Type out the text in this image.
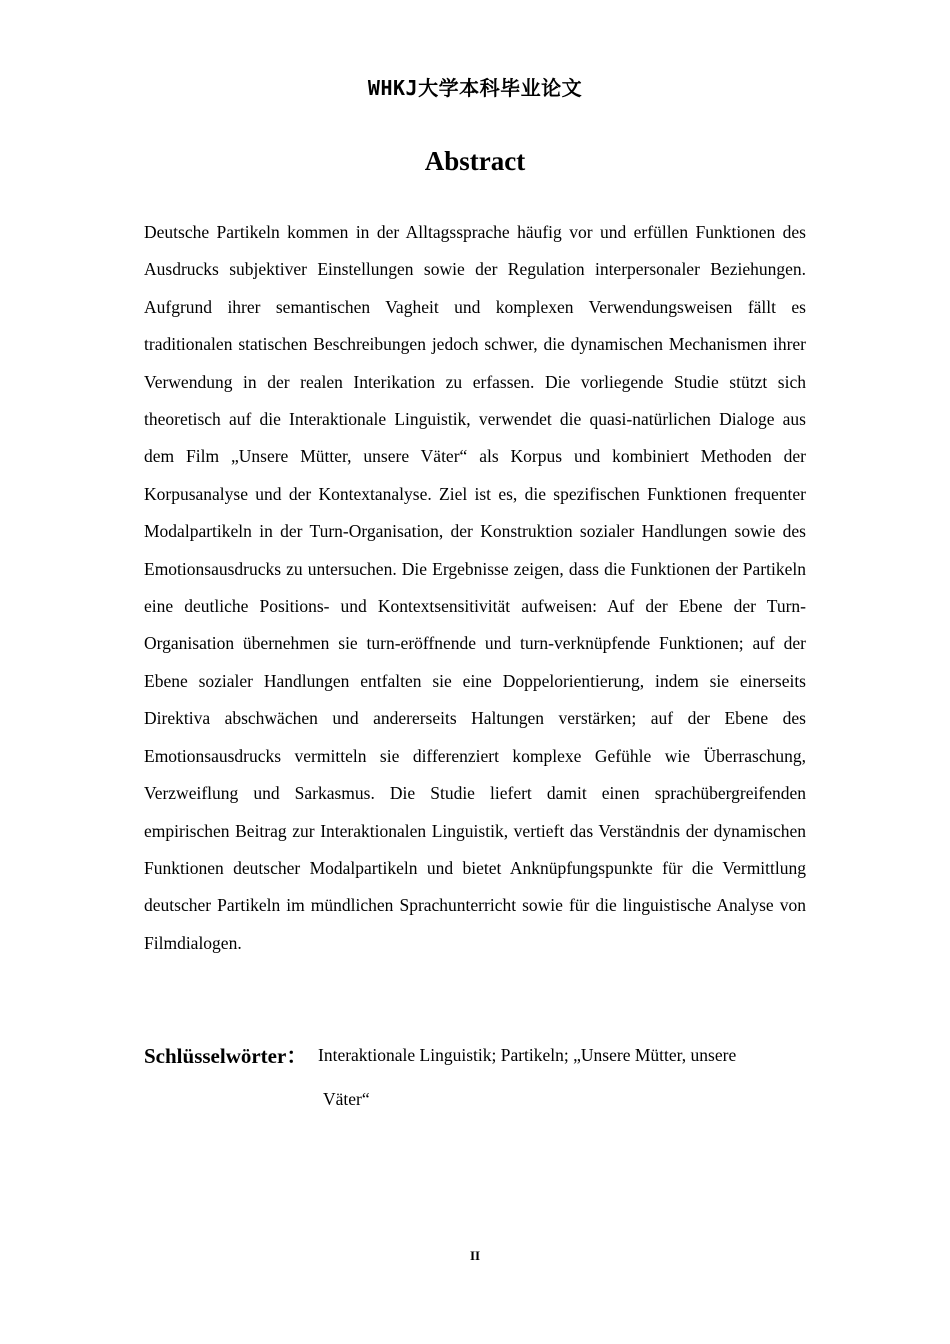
WHKJ大学本科毕业论文
Abstract

Deutsche Partikeln kommen in der Alltagssprache häufig vor und erfüllen Funktionen des Ausdrucks subjektiver Einstellungen sowie der Regulation interpersonaler Beziehungen. Aufgrund ihrer semantischen Vagheit und komplexen Verwendungsweisen fällt es traditionalen statischen Beschreibungen jedoch schwer, die dynamischen Mechanismen ihrer Verwendung in der realen Interikation zu erfassen. Die vorliegende Studie stützt sich theoretisch auf die Interaktionale Linguistik, verwendet die quasi-natürlichen Dialoge aus dem Film „Unsere Mütter, unsere Väter“ als Korpus und kombiniert Methoden der Korpusanalyse und der Kontextanalyse. Ziel ist es, die spezifischen Funktionen frequenter Modalpartikeln in der Turn-Organisation, der Konstruktion sozialer Handlungen sowie des Emotionsausdrucks zu untersuchen. Die Ergebnisse zeigen, dass die Funktionen der Partikeln eine deutliche Positions- und Kontextsensitivität aufweisen: Auf der Ebene der Turn-Organisation übernehmen sie turn-eröffnende und turn-verknüpfende Funktionen; auf der Ebene sozialer Handlungen entfalten sie eine Doppelorientierung, indem sie einerseits Direktiva abschwächen und andererseits Haltungen verstärken; auf der Ebene des Emotionsausdrucks vermitteln sie differenziert komplexe Gefühle wie Überraschung, Verzweiflung und Sarkasmus. Die Studie liefert damit einen sprachübergreifenden empirischen Beitrag zur Interaktionalen Linguistik, vertieft das Verständnis der dynamischen Funktionen deutscher Modalpartikeln und bietet Anknüpfungspunkte für die Vermittlung deutscher Partikeln im mündlichen Sprachunterricht sowie für die linguistische Analyse von Filmdialogen.

Schlüsselwörter： Interaktionale Linguistik; Partikeln; „Unsere Mütter, unsere
Väter“
II
